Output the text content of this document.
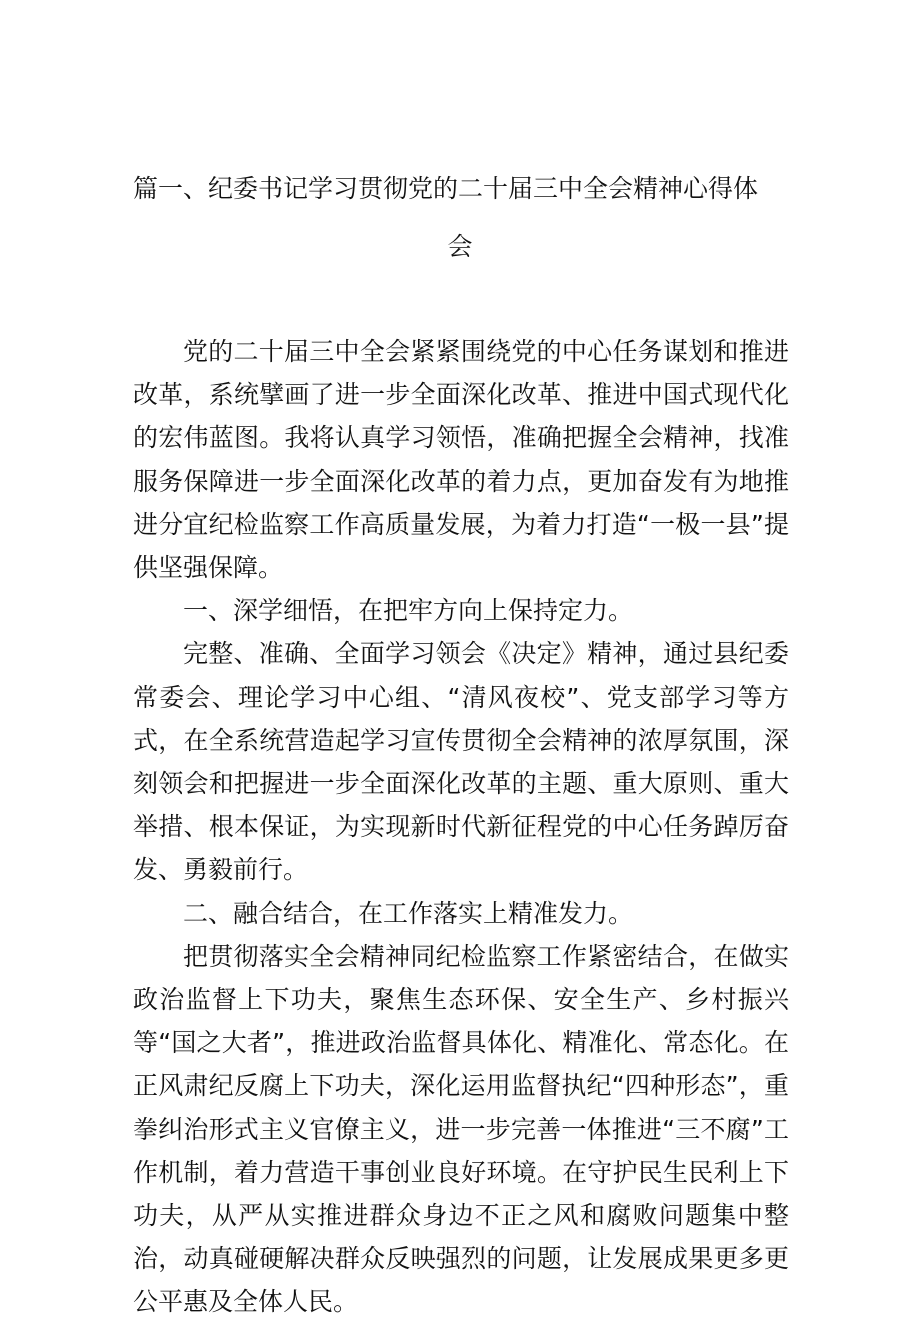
篇一、纪委书记学习贯彻党的二十届三中全会精神心得体
会

党的二十届三中全会紧紧围绕党的中心任务谋划和推进改革，系统擘画了进一步全面深化改革、推进中国式现代化的宏伟蓝图。我将认真学习领悟，准确把握全会精神，找准服务保障进一步全面深化改革的着力点，更加奋发有为地推进分宜纪检监察工作高质量发展，为着力打造“一极一县”提供坚强保障。

一、深学细悟，在把牢方向上保持定力。

完整、准确、全面学习领会《决定》精神，通过县纪委常委会、理论学习中心组、“清风夜校”、党支部学习等方式，在全系统营造起学习宣传贯彻全会精神的浓厚氛围，深刻领会和把握进一步全面深化改革的主题、重大原则、重大举措、根本保证，为实现新时代新征程党的中心任务踔厉奋发、勇毅前行。

二、融合结合，在工作落实上精准发力。

把贯彻落实全会精神同纪检监察工作紧密结合，在做实政治监督上下功夫，聚焦生态环保、安全生产、乡村振兴等“国之大者”，推进政治监督具体化、精准化、常态化。在正风肃纪反腐上下功夫，深化运用监督执纪“四种形态”，重拳纠治形式主义官僚主义，进一步完善一体推进“三不腐”工作机制，着力营造干事创业良好环境。在守护民生民利上下功夫，从严从实推进群众身边不正之风和腐败问题集中整治，动真碰硬解决群众反映强烈的问题，让发展成果更多更公平惠及全体人民。
